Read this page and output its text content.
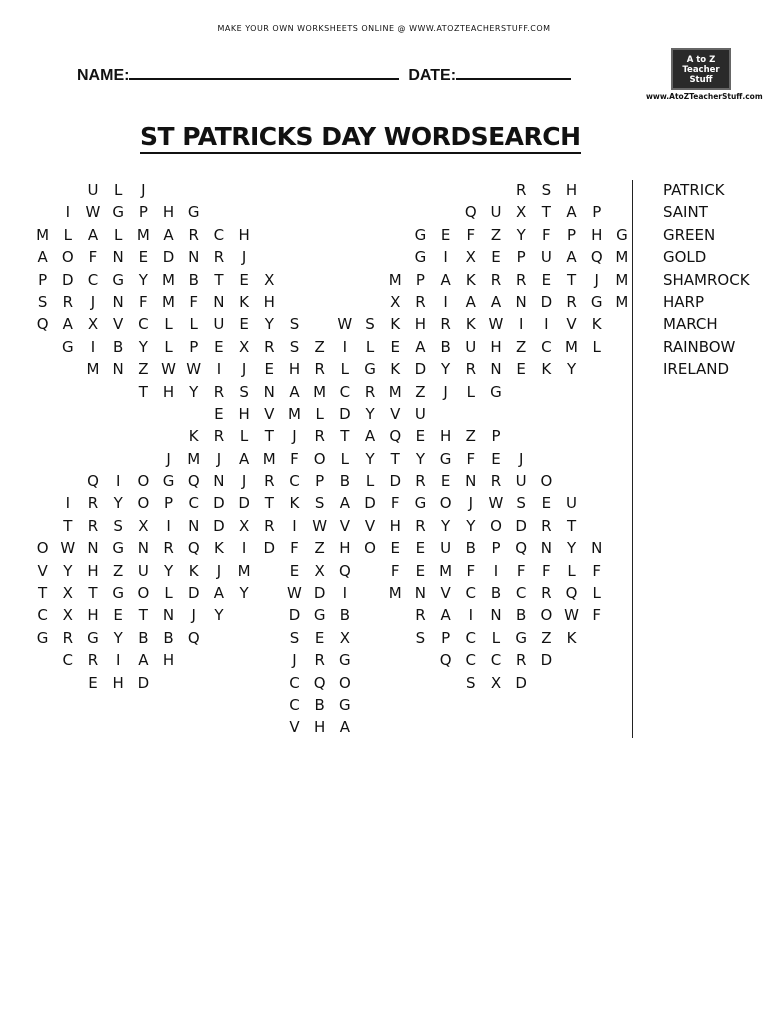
MAKE YOUR OWN WORKSHEETS ONLINE @ WWW.ATOZTEACHERSTUFF.COM
NAME:	DATE:
A to Z
Teacher
Stuff
www.AtoZTeacherStuff.com
ST PATRICKS DAY WORDSEARCH
U L J	R S H
I W G P H G	Q U X T A P
M L A L M A R C H	G E F Z Y F P H G
A O F N E D N R J	G I X E P U A Q M
P D C G Y M B T E X	M P A K R R E T J M
S R J N F M F N K H	X R I A A N D R G M
Q A X V C L L U E Y S	W S K H R K W I I V K
G I B Y L P E X R S Z I L E A B U H Z C M L
M N Z W W I J E H R L G K D Y R N E K Y
T H Y R S N A M C R M Z J L G
E H V M L D Y V U
K R L T J R T A Q E H Z P
J M J A M F O L Y T Y G F E J
Q I O G Q N J R C P B L D R E N R U O
I R Y O P C D D T K S A D F G O J W S E U
T R S X I N D X R I W V V H R Y Y O D R T
O W N G N R Q K I D F Z H O E E U B P Q N Y N
V Y H Z U Y K J M	E X Q	F E M F I F F L F
T X T G O L D A Y	W D I	M N V C B C R Q L
C X H E T N J Y	D G B	R A I N B O W F
G R G Y B B Q	S E X	S P C L G Z K
C R I A H	J R G	Q C C R D
E H D	C Q O	S X D
C B G
V H A
PATRICK
SAINT
GREEN
GOLD
SHAMROCK
HARP
MARCH
RAINBOW
IRELAND
